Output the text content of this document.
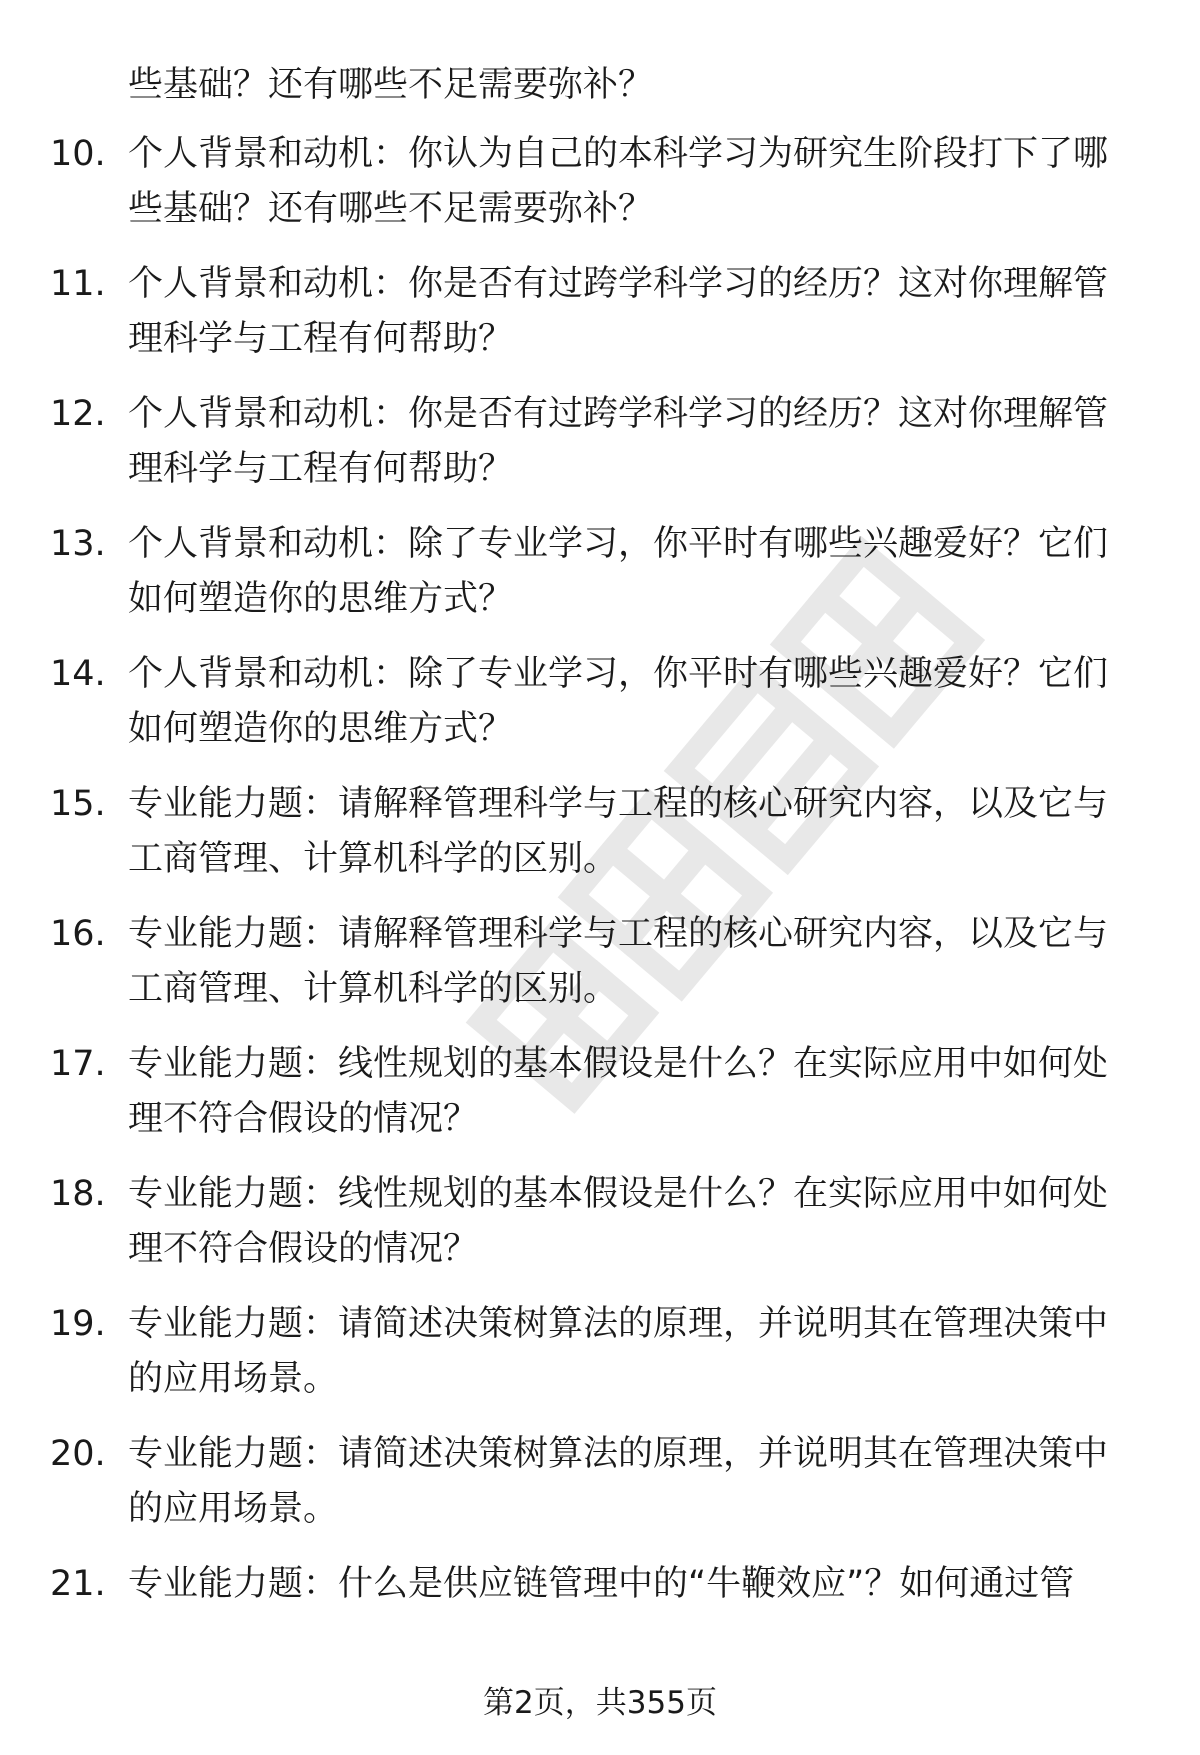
些基础？还有哪些不足需要弥补？
10. 个人背景和动机：你认为自己的本科学习为研究生阶段打下了哪
些基础？还有哪些不足需要弥补？

11. 个人背景和动机：你是否有过跨学科学习的经历？这对你理解管
理科学与工程有何帮助？

12. 个人背景和动机：你是否有过跨学科学习的经历？这对你理解管
理科学与工程有何帮助？

13. 个人背景和动机：除了专业学习，你平时有哪些兴趣爱好？它们
如何塑造你的思维方式？

14. 个人背景和动机：除了专业学习，你平时有哪些兴趣爱好？它们
如何塑造你的思维方式？

15. 专业能力题：请解释管理科学与工程的核心研究内容，以及它与
工商管理、计算机科学的区别。

16. 专业能力题：请解释管理科学与工程的核心研究内容，以及它与
工商管理、计算机科学的区别。

17. 专业能力题：线性规划的基本假设是什么？在实际应用中如何处
理不符合假设的情况？

18. 专业能力题：线性规划的基本假设是什么？在实际应用中如何处
理不符合假设的情况？

19. 专业能力题：请简述决策树算法的原理，并说明其在管理决策中
的应用场景。

20. 专业能力题：请简述决策树算法的原理，并说明其在管理决策中
的应用场景。

21. 专业能力题：什么是供应链管理中的“牛鞭效应”？如何通过管

第2页，共355页
